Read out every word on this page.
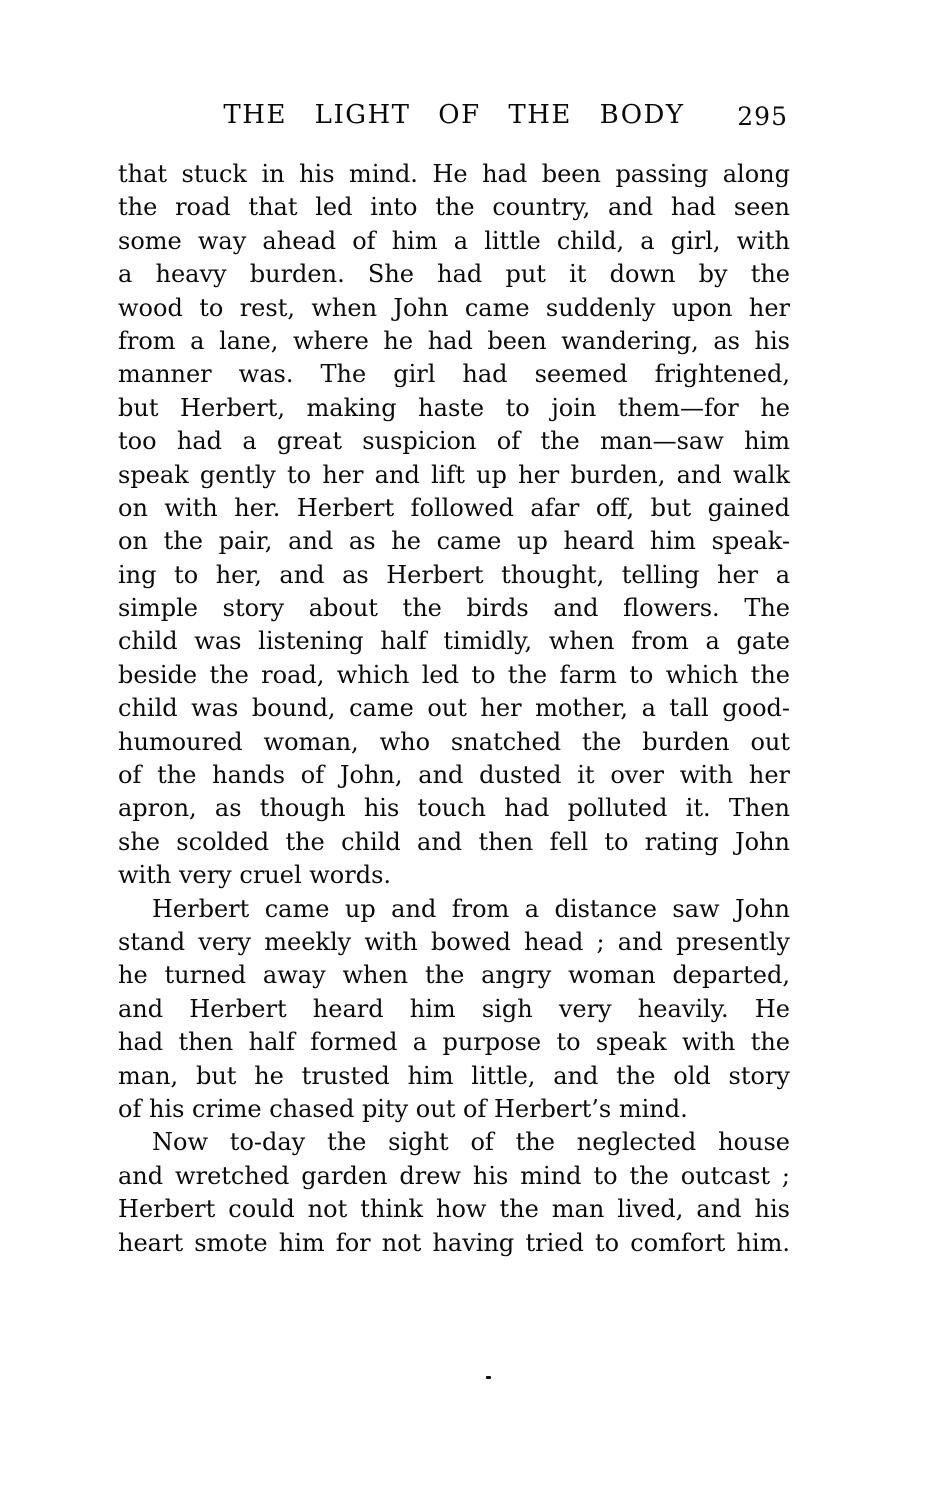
THE LIGHT OF THE BODY 295
that stuck in his mind. He had been passing along
the road that led into the country, and had seen
some way ahead of him a little child, a girl, with
a heavy burden. She had put it down by the
wood to rest, when John came suddenly upon her
from a lane, where he had been wandering, as his
manner was. The girl had seemed frightened,
but Herbert, making haste to join them—for he
too had a great suspicion of the man—saw him
speak gently to her and lift up her burden, and walk
on with her. Herbert followed afar off, but gained
on the pair, and as he came up heard him speak-
ing to her, and as Herbert thought, telling her a
simple story about the birds and flowers. The
child was listening half timidly, when from a gate
beside the road, which led to the farm to which the
child was bound, came out her mother, a tall good-
humoured woman, who snatched the burden out
of the hands of John, and dusted it over with her
apron, as though his touch had polluted it. Then
she scolded the child and then fell to rating John
with very cruel words.
Herbert came up and from a distance saw John
stand very meekly with bowed head ; and presently
he turned away when the angry woman departed,
and Herbert heard him sigh very heavily. He
had then half formed a purpose to speak with the
man, but he trusted him little, and the old story
of his crime chased pity out of Herbert’s mind.
Now to-day the sight of the neglected house
and wretched garden drew his mind to the outcast ;
Herbert could not think how the man lived, and his
heart smote him for not having tried to comfort him.
